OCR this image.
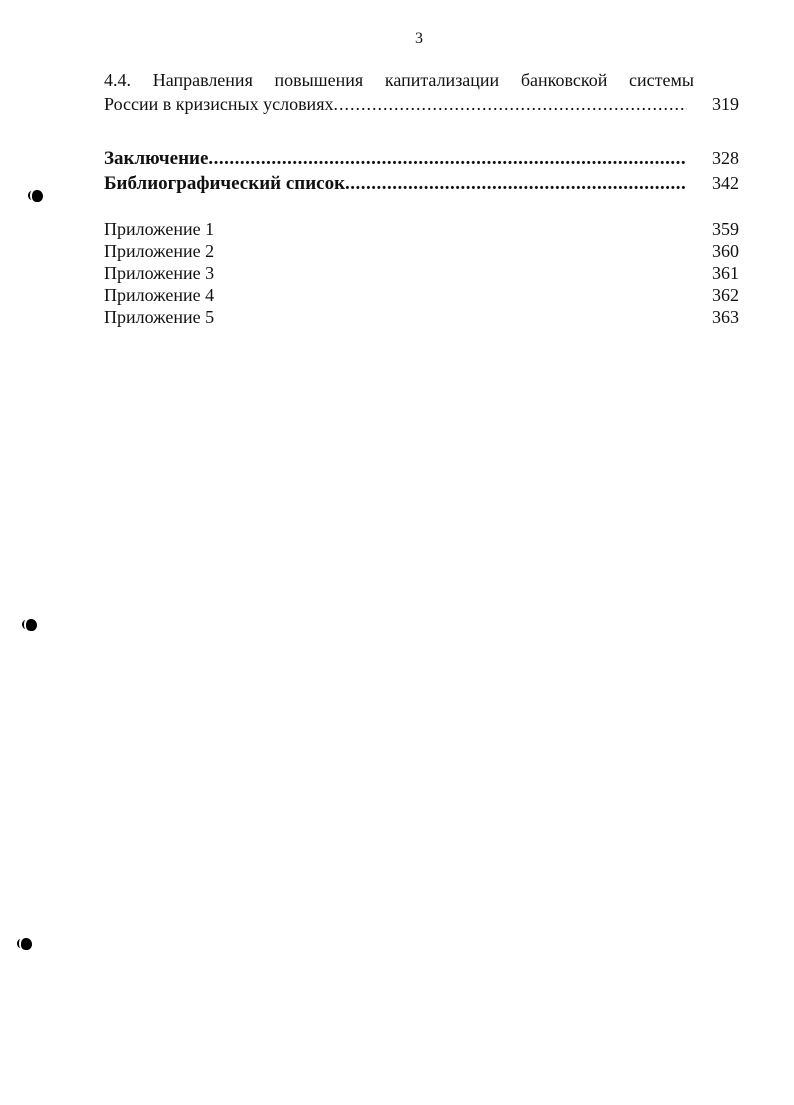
3
4.4. Направления повышения капитализации банковской системы
России в кризисных условиях .....	319
Заключение .....	328
Библиографический список .....	342
Приложение 1	359
Приложение 2	360
Приложение 3	361
Приложение 4	362
Приложение 5	363
